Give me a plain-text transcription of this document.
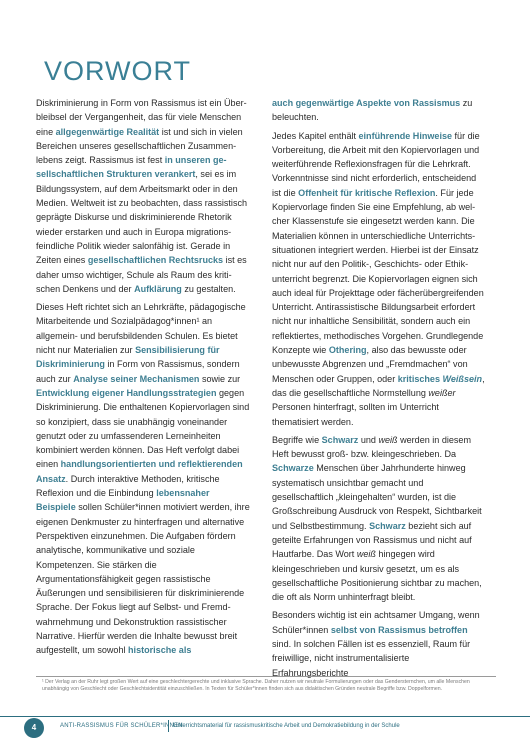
VORWORT

Diskriminierung in Form von Rassismus ist ein Überbleibsel der Vergangenheit, das für viele Menschen eine allgegenwärtige Realität ist und sich in vielen Bereichen unseres gesellschaftlichen Zusammenlebens zeigt. Rassismus ist fest in unseren gesellschaftlichen Strukturen verankert, sei es im Bildungssystem, auf dem Arbeitsmarkt oder in den Medien. Weltweit ist zu beobachten, dass rassistisch geprägte Diskurse und diskriminierende Rhetorik wieder erstarken und auch in Europa migrationsfeindliche Politik wieder salonfähig ist. Gerade in Zeiten eines gesellschaftlichen Rechtsrucks ist es daher umso wichtiger, Schule als Raum des kritischen Denkens und der Aufklärung zu gestalten.

Dieses Heft richtet sich an Lehrkräfte, pädagogische Mitarbeitende und Sozialpädagog*innen¹ an allgemein- und berufsbildenden Schulen. Es bietet nicht nur Materialien zur Sensibilisierung für Diskriminierung in Form von Rassismus, sondern auch zur Analyse seiner Mechanismen sowie zur Entwicklung eigener Handlungsstrategien gegen Diskriminierung. Die enthaltenen Kopiervorlagen sind so konzipiert, dass sie unabhängig voneinander genutzt oder zu umfassenderen Lerneinheiten kombiniert werden können. Das Heft verfolgt dabei einen handlungsorientierten und reflektierenden Ansatz. Durch interaktive Methoden, kritische Reflexion und die Einbindung lebensnaher Beispiele sollen Schüler*innen motiviert werden, ihre eigenen Denkmuster zu hinterfragen und alternative Perspektiven einzunehmen. Die Aufgaben fördern analytische, kommunikative und soziale Kompetenzen. Sie stärken die Argumentationsfähigkeit gegen rassistische Äußerungen und sensibilisieren für diskriminierende Sprache. Der Fokus liegt auf Selbst- und Fremdwahrnehmung und Dekonstruktion rassistischer Narrative. Hierfür werden die Inhalte bewusst breit aufgestellt, um sowohl historische als

auch gegenwärtige Aspekte von Rassismus zu beleuchten.

Jedes Kapitel enthält einführende Hinweise für die Vorbereitung, die Arbeit mit den Kopiervorlagen und weiterführende Reflexionsfragen für die Lehrkraft. Vorkenntnisse sind nicht erforderlich, entscheidend ist die Offenheit für kritische Reflexion. Für jede Kopiervorlage finden Sie eine Empfehlung, ab welcher Klassenstufe sie eingesetzt werden kann. Die Materialien können in unterschiedliche Unterrichtssituationen integriert werden. Hierbei ist der Einsatz nicht nur auf den Politik-, Geschichts- oder Ethikunterricht begrenzt. Die Kopiervorlagen eignen sich auch ideal für Projekttage oder fächerübergreifenden Unterricht. Antirassistische Bildungsarbeit erfordert nicht nur inhaltliche Sensibilität, sondern auch ein reflektiertes, methodisches Vorgehen. Grundlegende Konzepte wie Othering, also das bewusste oder unbewusste Abgrenzen und „Fremdmachen“ von Menschen oder Gruppen, oder kritisches Weißsein, das die gesellschaftliche Normstellung weißer Personen hinterfragt, sollten im Unterricht thematisiert werden.

Begriffe wie Schwarz und weiß werden in diesem Heft bewusst groß- bzw. kleingeschrieben. Da Schwarze Menschen über Jahrhunderte hinweg systematisch unsichtbar gemacht und gesellschaftlich „kleingehalten“ wurden, ist die Großschreibung Ausdruck von Respekt, Sichtbarkeit und Selbstbestimmung. Schwarz bezieht sich auf geteilte Erfahrungen von Rassismus und nicht auf Hautfarbe. Das Wort weiß hingegen wird kleingeschrieben und kursiv gesetzt, um es als gesellschaftliche Positionierung sichtbar zu machen, die oft als Norm unhinterfragt bleibt.

Besonders wichtig ist ein achtsamer Umgang, wenn Schüler*innen selbst von Rassismus betroffen sind. In solchen Fällen ist es essenziell, Raum für freiwillige, nicht instrumentalisierte Erfahrungsberichte

¹ Der Verlag an der Ruhr legt großen Wert auf eine geschlechtergerechte und inklusive Sprache. Daher nutzen wir neutrale Formulierungen oder das Gendersternchen, um alle Menschen unabhängig von Geschlecht oder Geschlechtsidentität einzuschließen. In Texten für Schüler*innen finden sich aus didaktischen Gründen neutrale Begriffe bzw. Doppelformen.
4	ANTI-RASSISMUS FÜR SCHÜLER*INNEN
Unterrichtsmaterial für rassismuskritische Arbeit und Demokratiebildung in der Schule
